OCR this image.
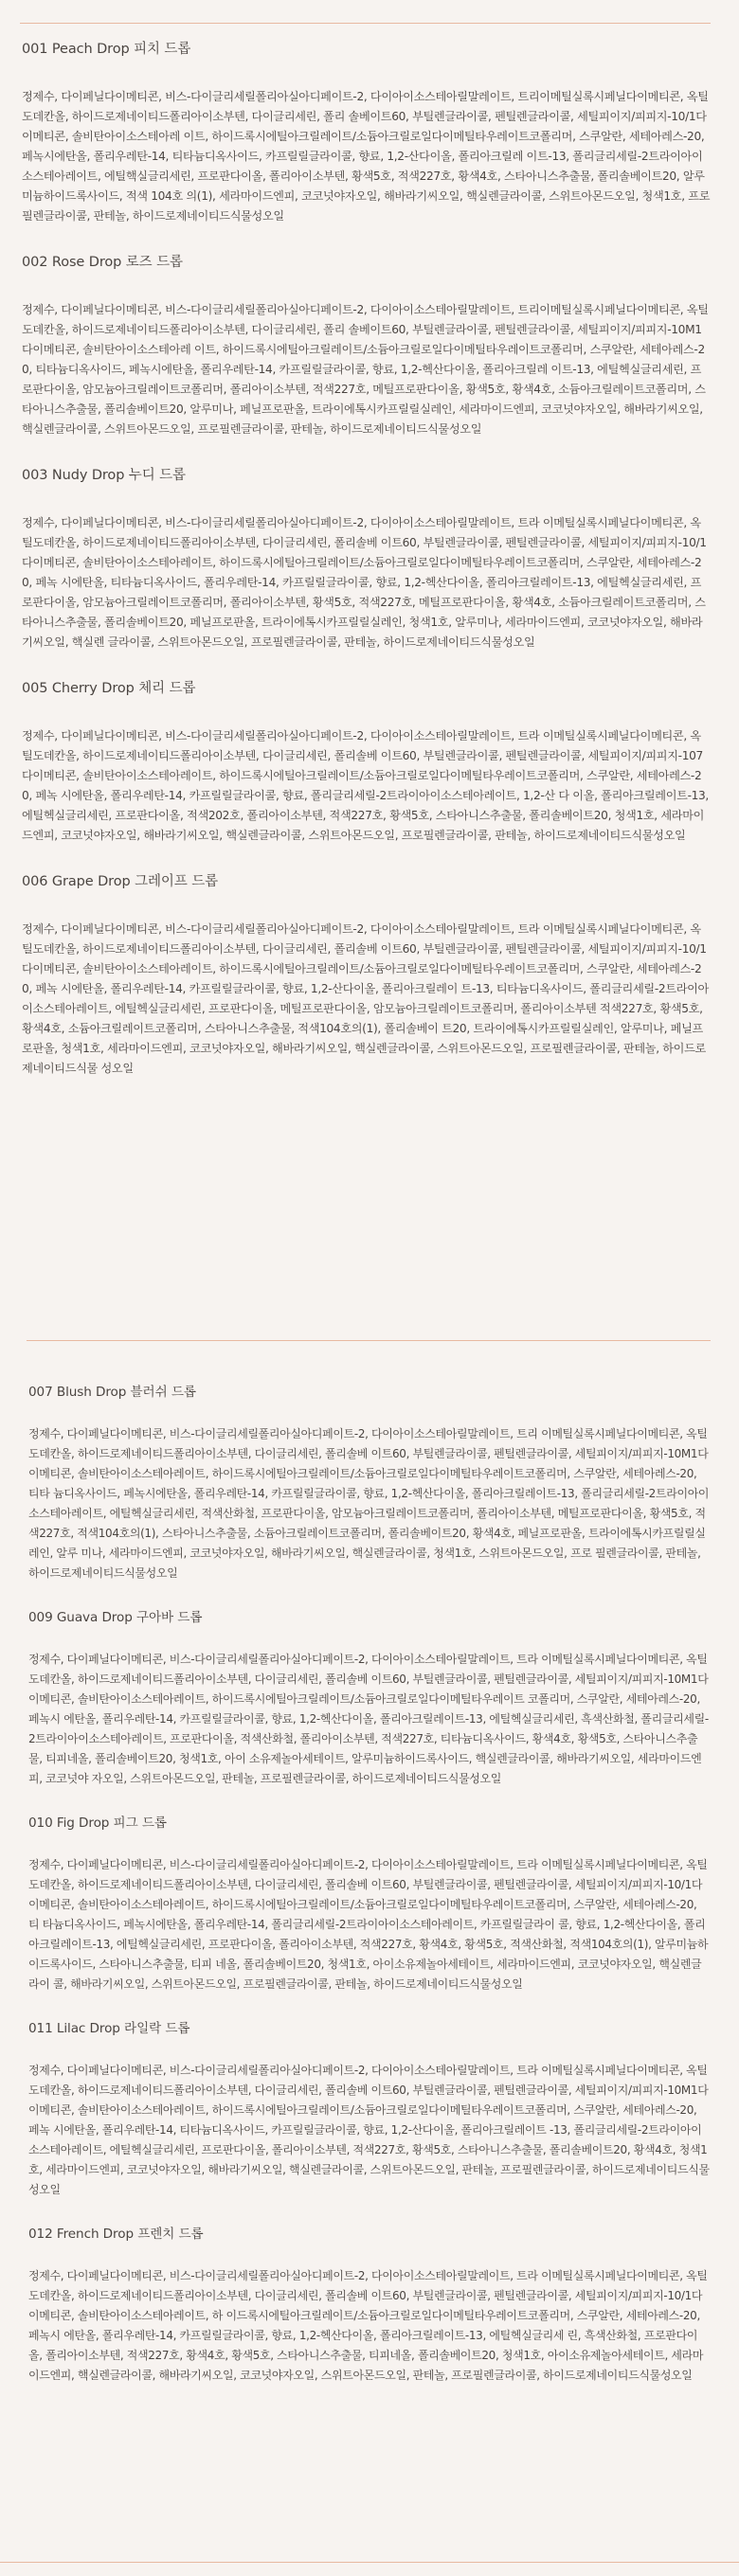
001 Peach Drop 피치 드롭

정제수, 다이페닐다이메티콘, 비스-다이글리세릴폴리아실아디페이트-2, 다이아이소스테아릴말레이트, 트리이메틸실록시페닐다이메티콘, 옥틸도데칸올, 하이드로제네이티드폴리아이소부텐, 다이글리세린, 폴리 솔베이트60, 부틸렌글라이콜, 펜틸렌글라이콜, 세틸피이지/피피지-10/1다이메티콘, 솔비탄아이소스테아레 이트, 하이드록시에틸아크릴레이트/소듐아크릴로일다이메틸타우레이트코폴리머, 스쿠알란, 세테아레스-20, 페녹시에탄올, 폴리우레탄-14, 티타늄디옥사이드, 카프릴릴글라이콜, 향료, 1,2-산다이올, 폴리아크릴레 이트-13, 폴리글리세릴-2트라이아이소스테아레이트, 에틸핵실글리세린, 프로판다이올, 폴리아이소부텐, 황색5호, 적색227호, 황색4호, 스타아니스추출물, 폴리솔베이트20, 알루미늄하이드록사이드, 적색 104호 의(1), 세라마이드엔피, 코코넛야자오일, 해바라기씨오일, 핵실렌글라이콜, 스위트아몬드오일, 청색1호, 프로 필렌글라이콜, 판테놀, 하이드로제네이티드식물성오일

002 Rose Drop 로즈 드롭

정제수, 다이페닐다이메티콘, 비스-다이글리세릴폴리아실아디페이트-2, 다이아이소스테아릴말레이트, 트리이메틸실록시페닐다이메티콘, 옥틸도데칸올, 하이드로제네이티드폴리아이소부텐, 다이글리세린, 폴리 솔베이트60, 부틸렌글라이콜, 펜틸렌글라이콜, 세틸피이지/피피지-10M1다이메티콘, 솔비탄아이소스테아레 이트, 하이드록시에틸아크릴레이트/소듐아크릴로일다이메틸타우레이트코폴리머, 스쿠알란, 세테아레스-20, 티타늄디옥사이드, 페녹시에탄올, 폴리우레탄-14, 카프릴릴글라이콜, 향료, 1,2-헥산다이올, 폴리아크릴레 이트-13, 에틸헥실글리세린, 프로판다이올, 암모늄아크릴레이트코폴리머, 폴리아이소부텐, 적색227호, 메틸프로판다이올, 황색5호, 황색4호, 소듐아크릴레이트코폴리머, 스타아니스추출물, 폴리솔베이트20, 알루미나, 페닐프로판올, 트라이에톡시카프릴릴실레인, 세라마이드엔피, 코코넛야자오일, 해바라기씨오일, 핵실렌글라이콜, 스위트아몬드오일, 프로필렌글라이콜, 판테놀, 하이드로제네이티드식물성오일

003 Nudy Drop 누디 드롭

정제수, 다이페닐다이메티콘, 비스-다이글리세릴폴리아실아디페이트-2, 다이아이소스테아릴말레이트, 트라 이메틸실록시페닐다이메티콘, 옥틸도데칸올, 하이드로제네이티드폴리아이소부텐, 다이글리세린, 폴리솔베 이트60, 부틸렌글라이콜, 펜틸렌글라이콜, 세틸피이지/피피지-10/1다이메티콘, 솔비탄아이소스테아레이트, 하이드록시에틸아크릴레이트/소듐아크릴로일다이메틸타우레이트코폴리머, 스쿠알란, 세테아레스-20, 페녹 시에탄올, 티타늄디옥사이드, 폴리우레탄-14, 카프릴릴글라이콜, 향료, 1,2-헥산다이올, 폴리아크릴레이트-13, 에틸헥실글리세린, 프로판다이올, 암모늄아크릴레이트코폴리머, 폴리아이소부텐, 황색5호, 적색227호, 메틸프로판다이올, 황색4호, 소듐아크릴레이트코폴리머, 스타아니스추출물, 폴리솔베이트20, 페닐프로판올, 트라이에톡시카프릴릴실레인, 청색1호, 알루미나, 세라마이드엔피, 코코넛야자오일, 해바라기씨오일, 핵실렌 글라이콜, 스위트아몬드오일, 프로필렌글라이콜, 판테놀, 하이드로제네이티드식물성오일

005 Cherry Drop 체리 드롭

정제수, 다이페닐다이메티콘, 비스-다이글리세릴폴리아실아디페이트-2, 다이아이소스테아릴말레이트, 트라 이메틸실록시페닐다이메티콘, 옥틸도데칸올, 하이드로제네이티드폴리아이소부텐, 다이글리세린, 폴리솔베 이트60, 부틸렌글라이콜, 펜틸렌글라이콜, 세틸피이지/피피지-107다이메티콘, 솔비탄아이소스테아레이트, 하이드록시에틸아크릴레이트/소듐아크릴로일다이메틸타우레이트코폴리머, 스쿠알란, 세테아레스-20, 페녹 시에탄올, 폴리우레탄-14, 카프릴릴글라이콜, 향료, 폴리글리세릴-2트라이아이소스테아레이트, 1,2-산 다 이올, 폴리아크릴레이트-13, 에틸헥실글리세린, 프로판다이올, 적색202호, 폴리아이소부텐, 적색227호, 황색5호, 스타아니스추출물, 폴리솔베이트20, 청색1호, 세라마이드엔피, 코코넛야자오일, 해바라기씨오일, 핵실렌글라이콜, 스위트아몬드오일, 프로필렌글라이콜, 판테놀, 하이드로제네이티드식물성오일

006 Grape Drop 그레이프 드롭

정제수, 다이페닐다이메티콘, 비스-다이글리세릴폴리아실아디페이트-2, 다이아이소스테아릴말레이트, 트라 이메틸실록시페닐다이메티콘, 옥틸도데칸올, 하이드로제네이티드폴리아이소부텐, 다이글리세린, 폴리솔베 이트60, 부틸렌글라이콜, 펜틸렌글라이콜, 세틸피이지/피피지-10/1다이메티콘, 솔비탄아이소스테아레이트, 하이드록시에틸아크릴레이트/소듐아크릴로일다이메틸타우레이트코폴리머, 스쿠알란, 세테아레스-20, 페녹 시에탄올, 폴리우레탄-14, 카프릴릴글라이콜, 향료, 1,2-산다이올, 폴리아크릴레이 트-13, 티타늄디옥사이드, 폴리글리세릴-2트라이아이소스테아레이트, 에틸헥실글리세린, 프로판다이올, 메틸프로판다이올, 암모늄아크릴레이트코폴리머, 폴리아이소부텐 적색227호, 황색5호, 황색4호, 소듐아크릴레이트코폴리머, 스타아니스추출물, 적색104호의(1), 폴리솔베이 트20, 트라이에톡시카프릴릴실레인, 알루미나, 페닐프로판올, 청색1호, 세라마이드엔피, 코코넛야자오일, 해바라기씨오일, 핵실렌글라이콜, 스위트아몬드오일, 프로필렌글라이콜, 판테놀, 하이드로제네이티드식물 성오일

007 Blush Drop 블러쉬 드롭

정제수, 다이페닐다이메티콘, 비스-다이글리세릴폴리아실아디페이트-2, 다이아이소스테아릴말레이트, 트리 이메틸실록시페닐다이메티콘, 옥틸도데칸올, 하이드로제네이티드폴리아이소부텐, 다이글리세린, 폴리솔베 이트60, 부틸렌글라이콜, 펜틸렌글라이콜, 세틸피이지/피피지-10M1다이메티콘, 솔비탄아이소스테아레이트, 하이드록시에틸아크릴레이트/소듐아크릴로일다이메틸타우레이트코폴리머, 스쿠알란, 세테아레스-20, 티타 늄디옥사이드, 페녹시에탄올, 폴리우레탄-14, 카프릴릴글라이콜, 향료, 1,2-헥산다이올, 폴리아크릴레이트-13, 폴리글리세릴-2트라이아이소스테아레이트, 에틸헥실글리세린, 적색산화철, 프로판다이올, 암모늄아크릴레이트코폴리머, 폴리아이소부텐, 메틸프로판다이올, 황색5호, 적색227호, 적색104호의(1), 스타아니스추출물, 소듐아크릴레이트코폴리머, 폴리솔베이트20, 황색4호, 페닐프로판올, 트라이에톡시카프릴릴실레인, 알루 미나, 세라마이드엔피, 코코넛야자오일, 해바라기씨오일, 핵실렌글라이콜, 청색1호, 스위트아몬드오일, 프로 필렌글라이콜, 판테놀, 하이드로제네이티드식물성오일

009 Guava Drop 구아바 드롭

정제수, 다이페닐다이메티콘, 비스-다이글리세릴폴리아실아디페이트-2, 다이아이소스테아릴말레이트, 트라 이메틸실록시페닐다이메티콘, 옥틸도데칸올, 하이드로제네이티드폴리아이소부텐, 다이글리세린, 폴리솔베 이트60, 부틸렌글라이콜, 펜틸렌글라이콜, 세틸피이지/피피지-10M1다이메티콘, 솔비탄아이소스테아레이트, 하이드록시에틸아크릴레이트/소듐아크릴로일다이메틸타우레이트 코폴리머, 스쿠알란, 세테아레스-20, 페녹시 에탄올, 폴리우레탄-14, 카프릴릴글라이콜, 향료, 1,2-헥산다이올, 폴리아크릴레이트-13, 에틸헥실글리세린, 흑색산화철, 폴리글리세릴-2트라이아이소스테아레이트, 프로판다이올, 적색산화철, 폴리아이소부텐, 적색227호, 티타늄디옥사이드, 황색4호, 황색5호, 스타아니스추출물, 티피네올, 폴리솔베이트20, 청색1호, 아이 소유제놀아세테이트, 알루미늄하이드록사이드, 핵실렌글라이콜, 해바라기씨오일, 세라마이드엔피, 코코넛야 자오일, 스위트아몬드오일, 판테놀, 프로필렌글라이콜, 하이드로제네이티드식물성오일

010 Fig Drop 피그 드롭

정제수, 다이페닐다이메티콘, 비스-다이글리세릴폴리아실아디페이트-2, 다이아이소스테아릴말레이트, 트라 이메틸실록시페닐다이메티콘, 옥틸도데칸올, 하이드로제네이티드폴리아이소부텐, 다이글리세린, 폴리솔베 이트60, 부틸렌글라이콜, 펜틸렌글라이콜, 세틸피이지/피피지-10/1다이메티콘, 솔비탄아이소스테아레이트, 하이드록시에틸아크릴레이트/소듐아크릴로일다이메틸타우레이트코폴리머, 스쿠알란, 세테아레스-20, 티 타늄디옥사이드, 페녹시에탄올, 폴리우레탄-14, 폴리글리세릴-2트라이아이소스테아레이트, 카프릴릴글라이 콜, 향료, 1,2-헥산다이올, 폴리아크릴레이트-13, 에틸헥실글리세린, 프로판다이올, 폴리아이소부텐, 적색227호, 황색4호, 황색5호, 적색산화철, 적색104호의(1), 알루미늄하이드록사이드, 스타아니스추출물, 티피 네올, 폴리솔베이트20, 청색1호, 아이소유제놀아세테이트, 세라마이드엔피, 코코넛야자오일, 핵실렌글라이 콜, 해바라기씨오일, 스위트아몬드오일, 프로필렌글라이콜, 판테놀, 하이드로제네이티드식물성오일

011 Lilac Drop 라일락 드롭

정제수, 다이페닐다이메티콘, 비스-다이글리세릴폴리아실아디페이트-2, 다이아이소스테아릴말레이트, 트라 이메틸실록시페닐다이메티콘, 옥틸도데칸올, 하이드로제네이티드폴리아이소부텐, 다이글리세린, 폴리솔베 이트60, 부틸렌글라이콜, 펜틸렌글라이콜, 세틸피이지/피피지-10M1다이메티콘, 솔비탄아이소스테아레이트, 하이드록시에틸아크릴레이트/소듐아크릴로일다이메틸타우레이트코폴리머, 스쿠알란, 세테아레스-20, 페녹 시에탄올, 폴리우레탄-14, 티타늄디옥사이드, 카프릴릴글라이콜, 향료, 1,2-산다이올, 폴리아크릴레이트 -13, 폴리글리세릴-2트라이아이소스테아레이트, 에틸헥실글리세린, 프로판다이올, 폴리아이소부텐, 적색227호, 황색5호, 스타아니스추출물, 폴리솔베이트20, 황색4호, 청색1호, 세라마이드엔피, 코코넛야자오일, 해바라기씨오일, 핵실렌글라이콜, 스위트아몬드오일, 판테놀, 프로필렌글라이콜, 하이드로제네이티드식물성오일

012 French Drop 프렌치 드롭

정제수, 다이페닐다이메티콘, 비스-다이글리세릴폴리아실아디페이트-2, 다이아이소스테아릴말레이트, 트라 이메틸실록시페닐다이메티콘, 옥틸도데칸올, 하이드로제네이티드폴리아이소부텐, 다이글리세린, 폴리솔베 이트60, 부틸렌글라이콜, 펜틸렌글라이콜, 세틸피이지/피피지-10/1다이메티콘, 솔비탄아이소스테아레이트, 하 이드록시에틸아크릴레이트/소듐아크릴로일다이메틸타우레이트코폴리머, 스쿠알란, 세테아레스-20, 페녹시 에탄올, 폴리우레탄-14, 카프릴릴글라이콜, 향료, 1,2-헥산다이올, 폴리아크릴레이트-13, 에틸헥실글리세 린, 흑색산화철, 프로판다이올, 폴리아이소부텐, 적색227호, 황색4호, 황색5호, 스타아니스추출물, 티피네올, 폴리솔베이트20, 청색1호, 아이소유제놀아세테이트, 세라마이드엔피, 핵실렌글라이콜, 해바라기씨오일, 코코넛야자오일, 스위트아몬드오일, 판테놀, 프로필렌글라이콜, 하이드로제네이티드식물성오일
